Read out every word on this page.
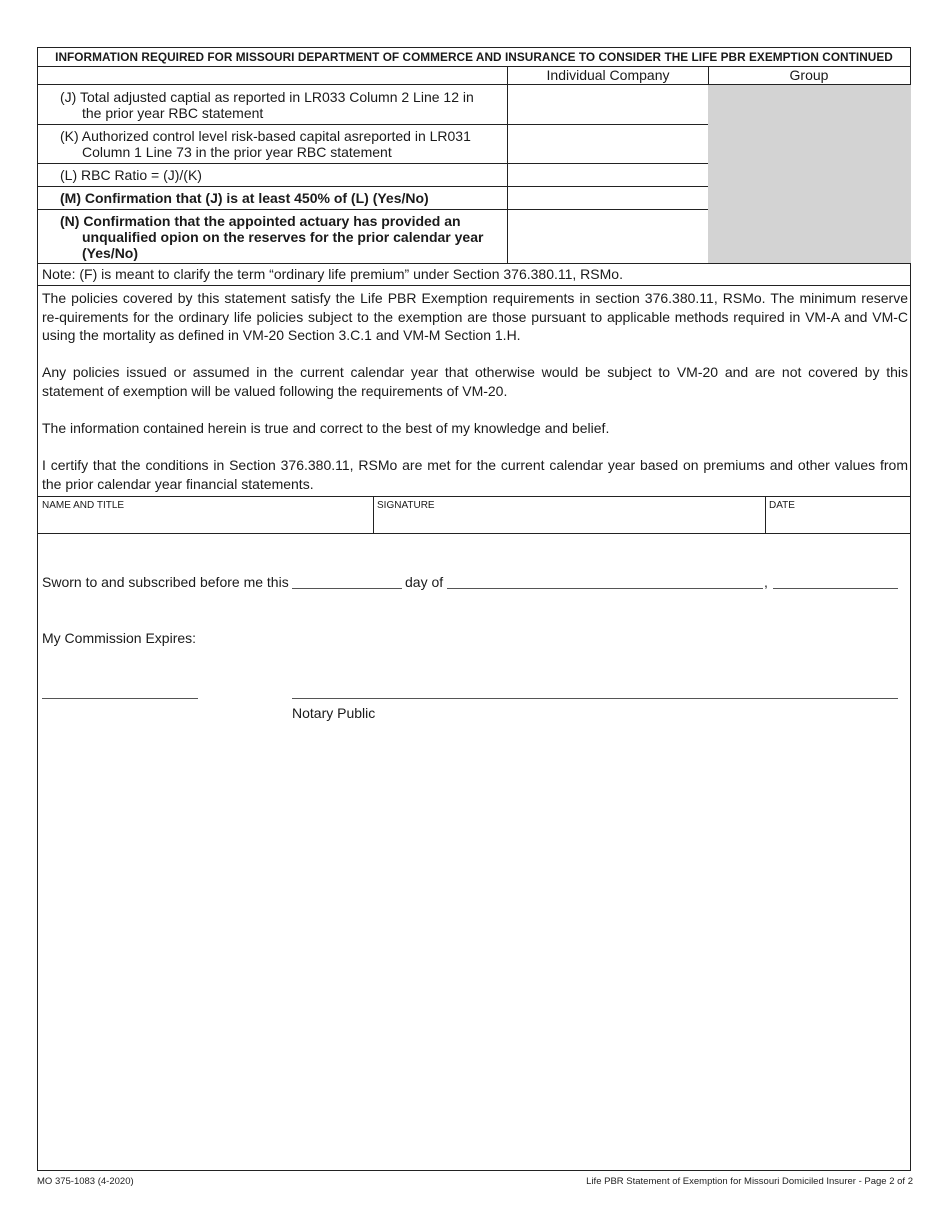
INFORMATION REQUIRED FOR MISSOURI DEPARTMENT OF COMMERCE AND INSURANCE TO CONSIDER THE LIFE PBR EXEMPTION CONTINUED
Individual Company	Group
(J) Total adjusted captial as reported in LR033 Column 2 Line 12 in
the prior year RBC statement
(K) Authorized control level risk-based capital asreported in LR031
Column 1 Line 73 in the prior year RBC statement
(L) RBC Ratio = (J)/(K)
(M) Confirmation that (J) is at least 450% of (L) (Yes/No)
(N) Confirmation that the appointed actuary has provided an
unqualified opion on the reserves for the prior calendar year
(Yes/No)
Note: (F) is meant to clarify the term “ordinary life premium” under Section 376.380.11, RSMo.
The policies covered by this statement satisfy the Life PBR Exemption requirements in section 376.380.11, RSMo. The minimum reserve re-quirements for the ordinary life policies subject to the exemption are those pursuant to applicable methods required in VM-A and VM-C using the mortality as defined in VM-20 Section 3.C.1 and VM-M Section 1.H.
Any policies issued or assumed in the current calendar year that otherwise would be subject to VM-20 and are not covered by this statement of exemption will be valued following the requirements of VM-20.
The information contained herein is true and correct to the best of my knowledge and belief.
I certify that the conditions in Section 376.380.11, RSMo are met for the current calendar year based on premiums and other values from the prior calendar year financial statements.
NAME AND TITLE	SIGNATURE	DATE
Sworn to and subscribed before me this	day of	,
My Commission Expires:
Notary Public
MO 375-1083 (4-2020)	Life PBR Statement of Exemption for Missouri Domiciled Insurer - Page 2 of 2
